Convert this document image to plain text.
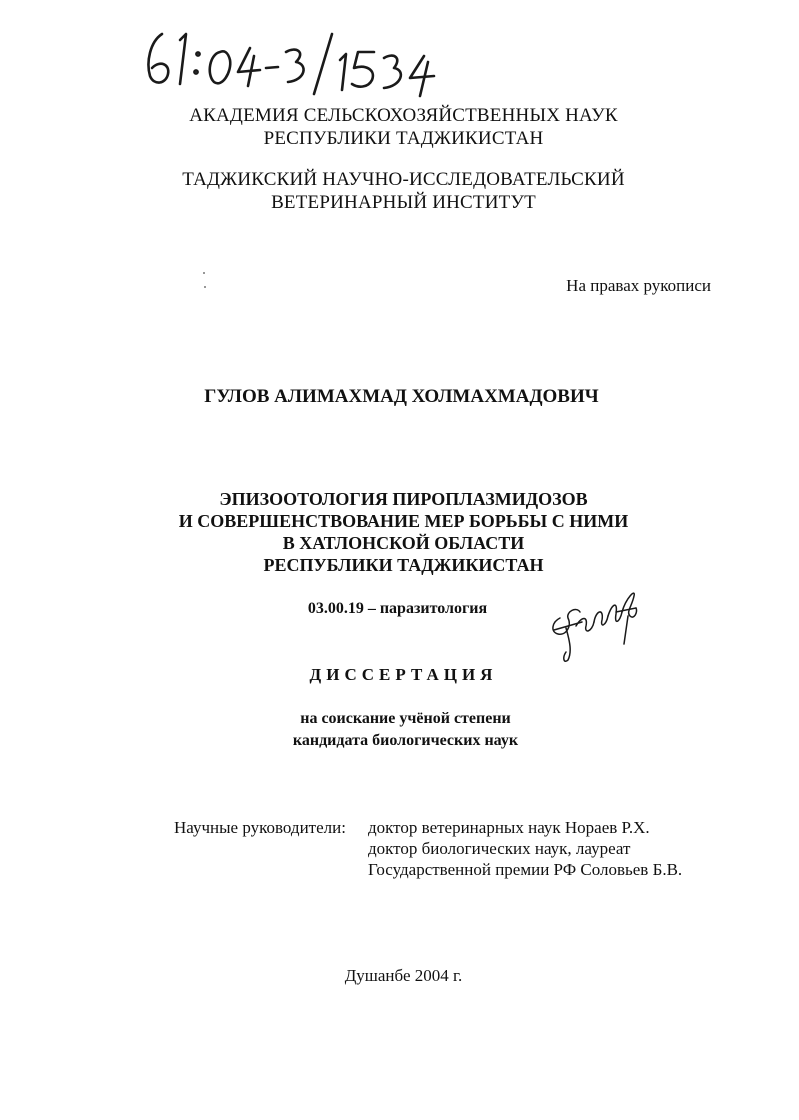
АКАДЕМИЯ СЕЛЬСКОХОЗЯЙСТВЕННЫХ НАУК
РЕСПУБЛИКИ ТАДЖИКИСТАН
ТАДЖИКСКИЙ НАУЧНО-ИССЛЕДОВАТЕЛЬСКИЙ
ВЕТЕРИНАРНЫЙ ИНСТИТУТ
На правах рукописи
ГУЛОВ АЛИМАХМАД ХОЛМАХМАДОВИЧ
ЭПИЗООТОЛОГИЯ ПИРОПЛАЗМИДОЗОВ
И СОВЕРШЕНСТВОВАНИЕ МЕР БОРЬБЫ С НИМИ
В ХАТЛОНСКОЙ ОБЛАСТИ
РЕСПУБЛИКИ ТАДЖИКИСТАН
03.00.19 – паразитология
ДИССЕРТАЦИЯ
на соискание учёной степени
кандидата биологических наук
Научные руководители: доктор ветеринарных наук Нораев Р.Х.
доктор биологических наук, лауреат
Государственной премии РФ Соловьев Б.В.
Душанбе 2004 г.
